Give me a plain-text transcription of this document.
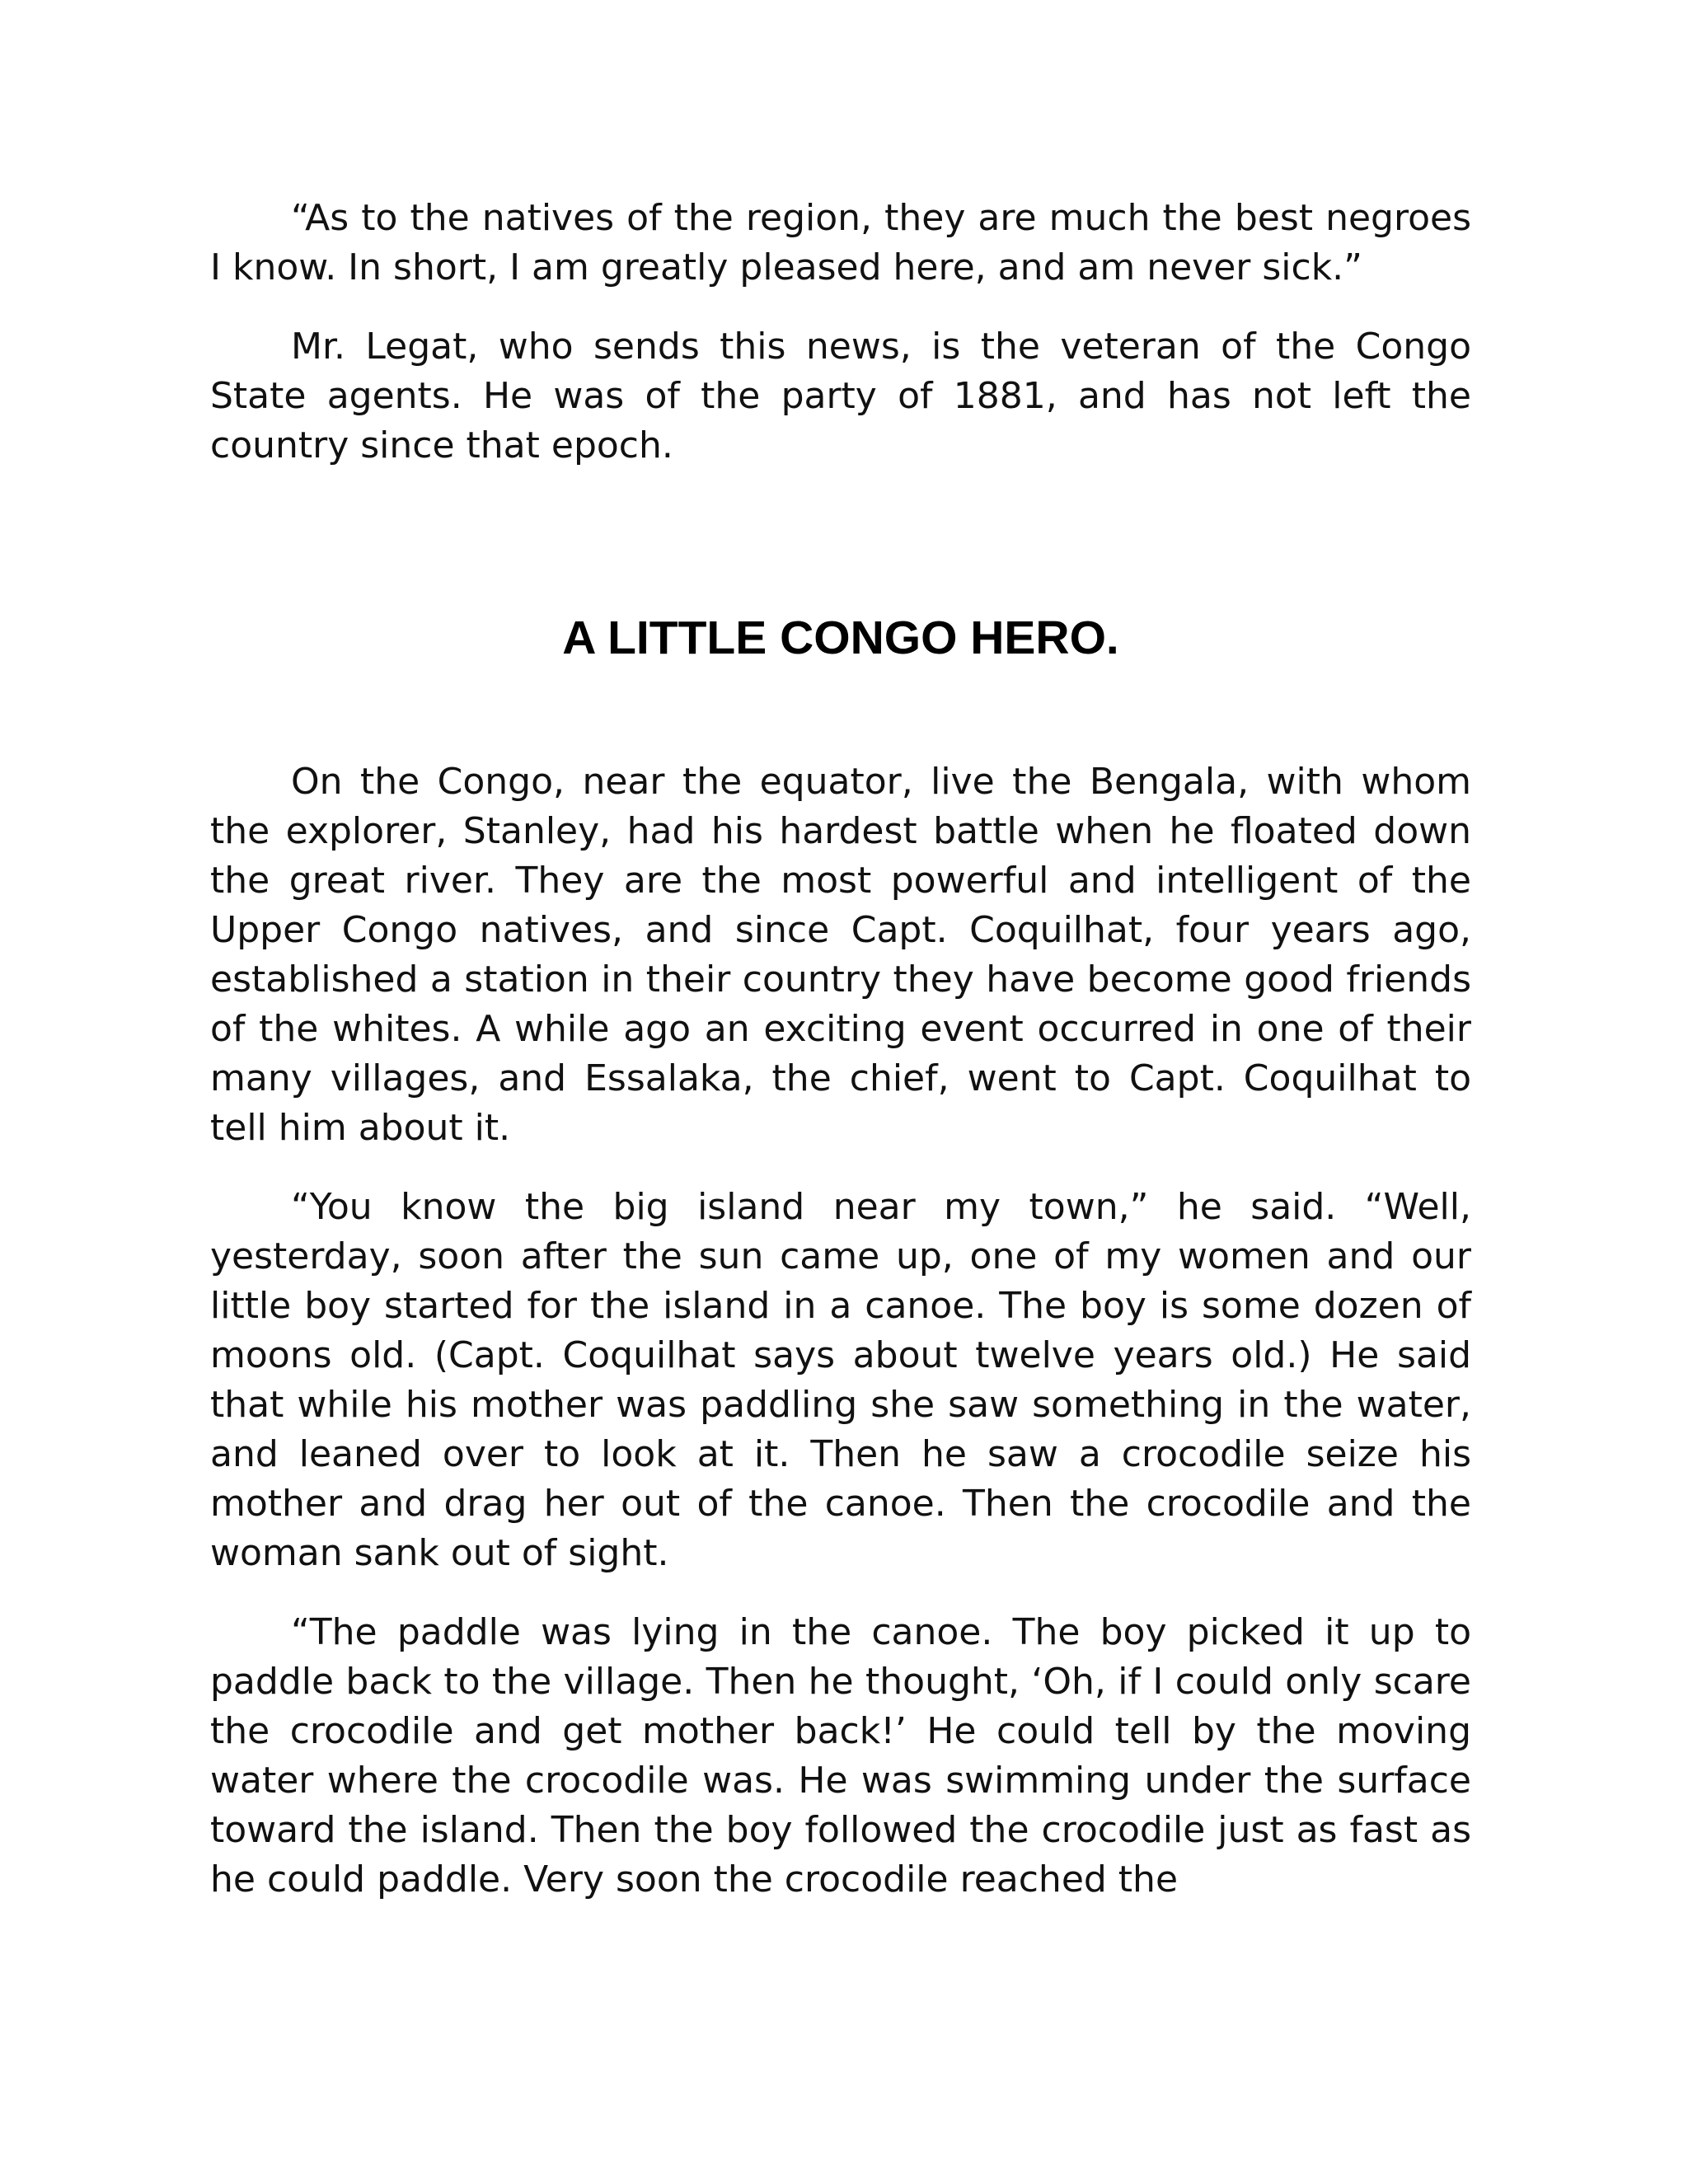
“As to the natives of the region, they are much the best negroes I know. In short, I am greatly pleased here, and am never sick.”

Mr. Legat, who sends this news, is the veteran of the Congo State agents. He was of the party of 1881, and has not left the country since that epoch.

A LITTLE CONGO HERO.

On the Congo, near the equator, live the Bengala, with whom the explorer, Stanley, had his hardest battle when he floated down the great river. They are the most powerful and intelligent of the Upper Congo natives, and since Capt. Coquilhat, four years ago, established a station in their country they have become good friends of the whites. A while ago an exciting event occurred in one of their many villages, and Essalaka, the chief, went to Capt. Coquilhat to tell him about it.

“You know the big island near my town,” he said. “Well, yesterday, soon after the sun came up, one of my women and our little boy started for the island in a canoe. The boy is some dozen of moons old. (Capt. Coquilhat says about twelve years old.) He said that while his mother was paddling she saw something in the water, and leaned over to look at it. Then he saw a crocodile seize his mother and drag her out of the canoe. Then the crocodile and the woman sank out of sight.

“The paddle was lying in the canoe. The boy picked it up to paddle back to the village. Then he thought, ‘Oh, if I could only scare the crocodile and get mother back!’ He could tell by the moving water where the crocodile was. He was swimming under the surface toward the island. Then the boy followed the crocodile just as fast as he could paddle. Very soon the crocodile reached the
